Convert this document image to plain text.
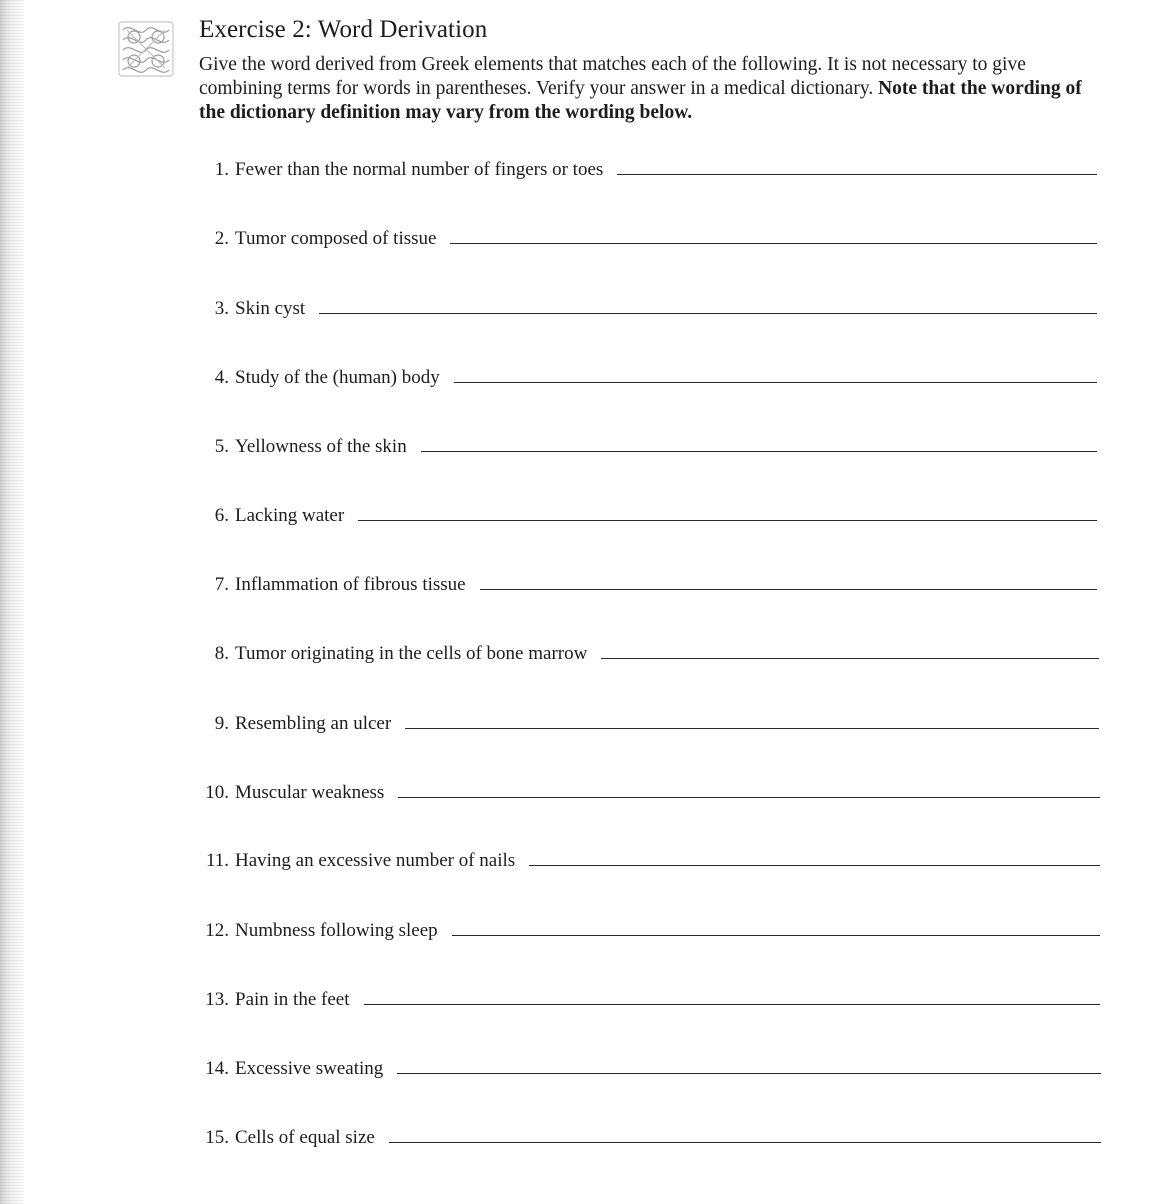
Exercise 2: Word Derivation

Give the word derived from Greek elements that matches each of the following. It is not necessary to give combining terms for words in parentheses. Verify your answer in a medical dictionary. Note that the wording of the dictionary definition may vary from the wording below.

1. Fewer than the normal number of fingers or toes
2. Tumor composed of tissue
3. Skin cyst
4. Study of the (human) body
5. Yellowness of the skin
6. Lacking water
7. Inflammation of fibrous tissue
8. Tumor originating in the cells of bone marrow
9. Resembling an ulcer
10. Muscular weakness
11. Having an excessive number of nails
12. Numbness following sleep
13. Pain in the feet
14. Excessive sweating
15. Cells of equal size
